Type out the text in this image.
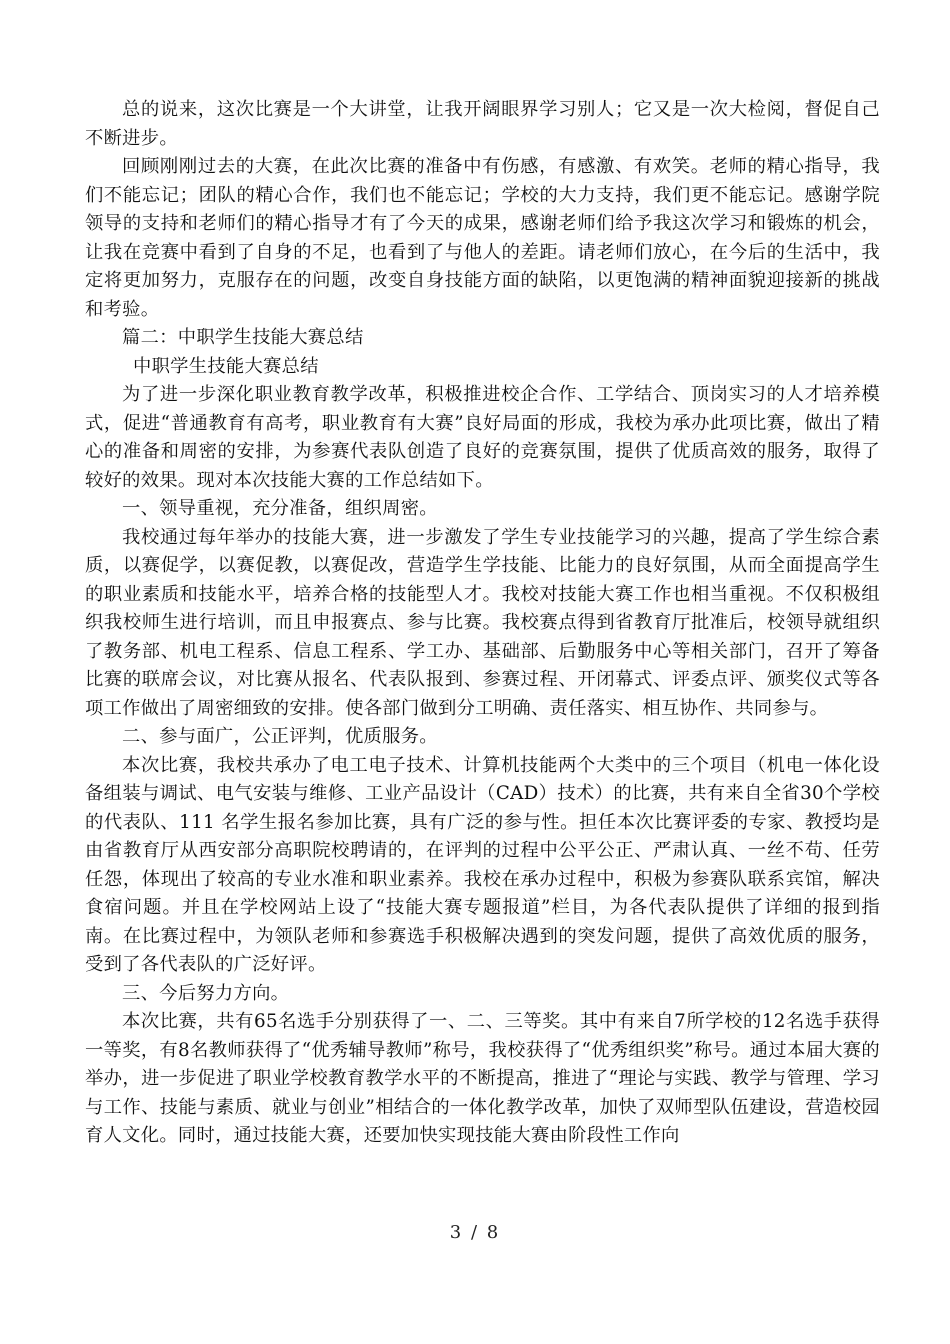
总的说来，这次比赛是一个大讲堂，让我开阔眼界学习别人；它又是一次大检阅，督促自己不断进步。

回顾刚刚过去的大赛，在此次比赛的准备中有伤感，有感激、有欢笑。老师的精心指导，我们不能忘记；团队的精心合作，我们也不能忘记；学校的大力支持，我们更不能忘记。感谢学院领导的支持和老师们的精心指导才有了今天的成果，感谢老师们给予我这次学习和锻炼的机会，让我在竞赛中看到了自身的不足，也看到了与他人的差距。请老师们放心，在今后的生活中，我定将更加努力，克服存在的问题，改变自身技能方面的缺陷，以更饱满的精神面貌迎接新的挑战和考验。

篇二：中职学生技能大赛总结

中职学生技能大赛总结

为了进一步深化职业教育教学改革，积极推进校企合作、工学结合、顶岗实习的人才培养模式，促进“普通教育有高考，职业教育有大赛”良好局面的形成，我校为承办此项比赛，做出了精心的准备和周密的安排，为参赛代表队创造了良好的竞赛氛围，提供了优质高效的服务，取得了较好的效果。现对本次技能大赛的工作总结如下。

一、领导重视，充分准备，组织周密。

我校通过每年举办的技能大赛，进一步激发了学生专业技能学习的兴趣，提高了学生综合素质，以赛促学，以赛促教，以赛促改，营造学生学技能、比能力的良好氛围，从而全面提高学生的职业素质和技能水平，培养合格的技能型人才。我校对技能大赛工作也相当重视。不仅积极组织我校师生进行培训，而且申报赛点、参与比赛。我校赛点得到省教育厅批准后，校领导就组织了教务部、机电工程系、信息工程系、学工办、基础部、后勤服务中心等相关部门，召开了筹备比赛的联席会议，对比赛从报名、代表队报到、参赛过程、开闭幕式、评委点评、颁奖仪式等各项工作做出了周密细致的安排。使各部门做到分工明确、责任落实、相互协作、共同参与。

二、参与面广，公正评判，优质服务。

本次比赛，我校共承办了电工电子技术、计算机技能两个大类中的三个项目（机电一体化设备组装与调试、电气安装与维修、工业产品设计（CAD）技术）的比赛，共有来自全省30个学校的代表队、111 名学生报名参加比赛，具有广泛的参与性。担任本次比赛评委的专家、教授均是由省教育厅从西安部分高职院校聘请的，在评判的过程中公平公正、严肃认真、一丝不苟、任劳任怨，体现出了较高的专业水准和职业素养。我校在承办过程中，积极为参赛队联系宾馆，解决食宿问题。并且在学校网站上设了“技能大赛专题报道”栏目，为各代表队提供了详细的报到指南。在比赛过程中，为领队老师和参赛选手积极解决遇到的突发问题，提供了高效优质的服务，受到了各代表队的广泛好评。

三、今后努力方向。

本次比赛，共有65名选手分别获得了一、二、三等奖。其中有来自7所学校的12名选手获得一等奖，有8名教师获得了“优秀辅导教师”称号，我校获得了“优秀组织奖”称号。通过本届大赛的举办，进一步促进了职业学校教育教学水平的不断提高，推进了“理论与实践、教学与管理、学习与工作、技能与素质、就业与创业”相结合的一体化教学改革，加快了双师型队伍建设，营造校园育人文化。同时，通过技能大赛，还要加快实现技能大赛由阶段性工作向

3 / 8
